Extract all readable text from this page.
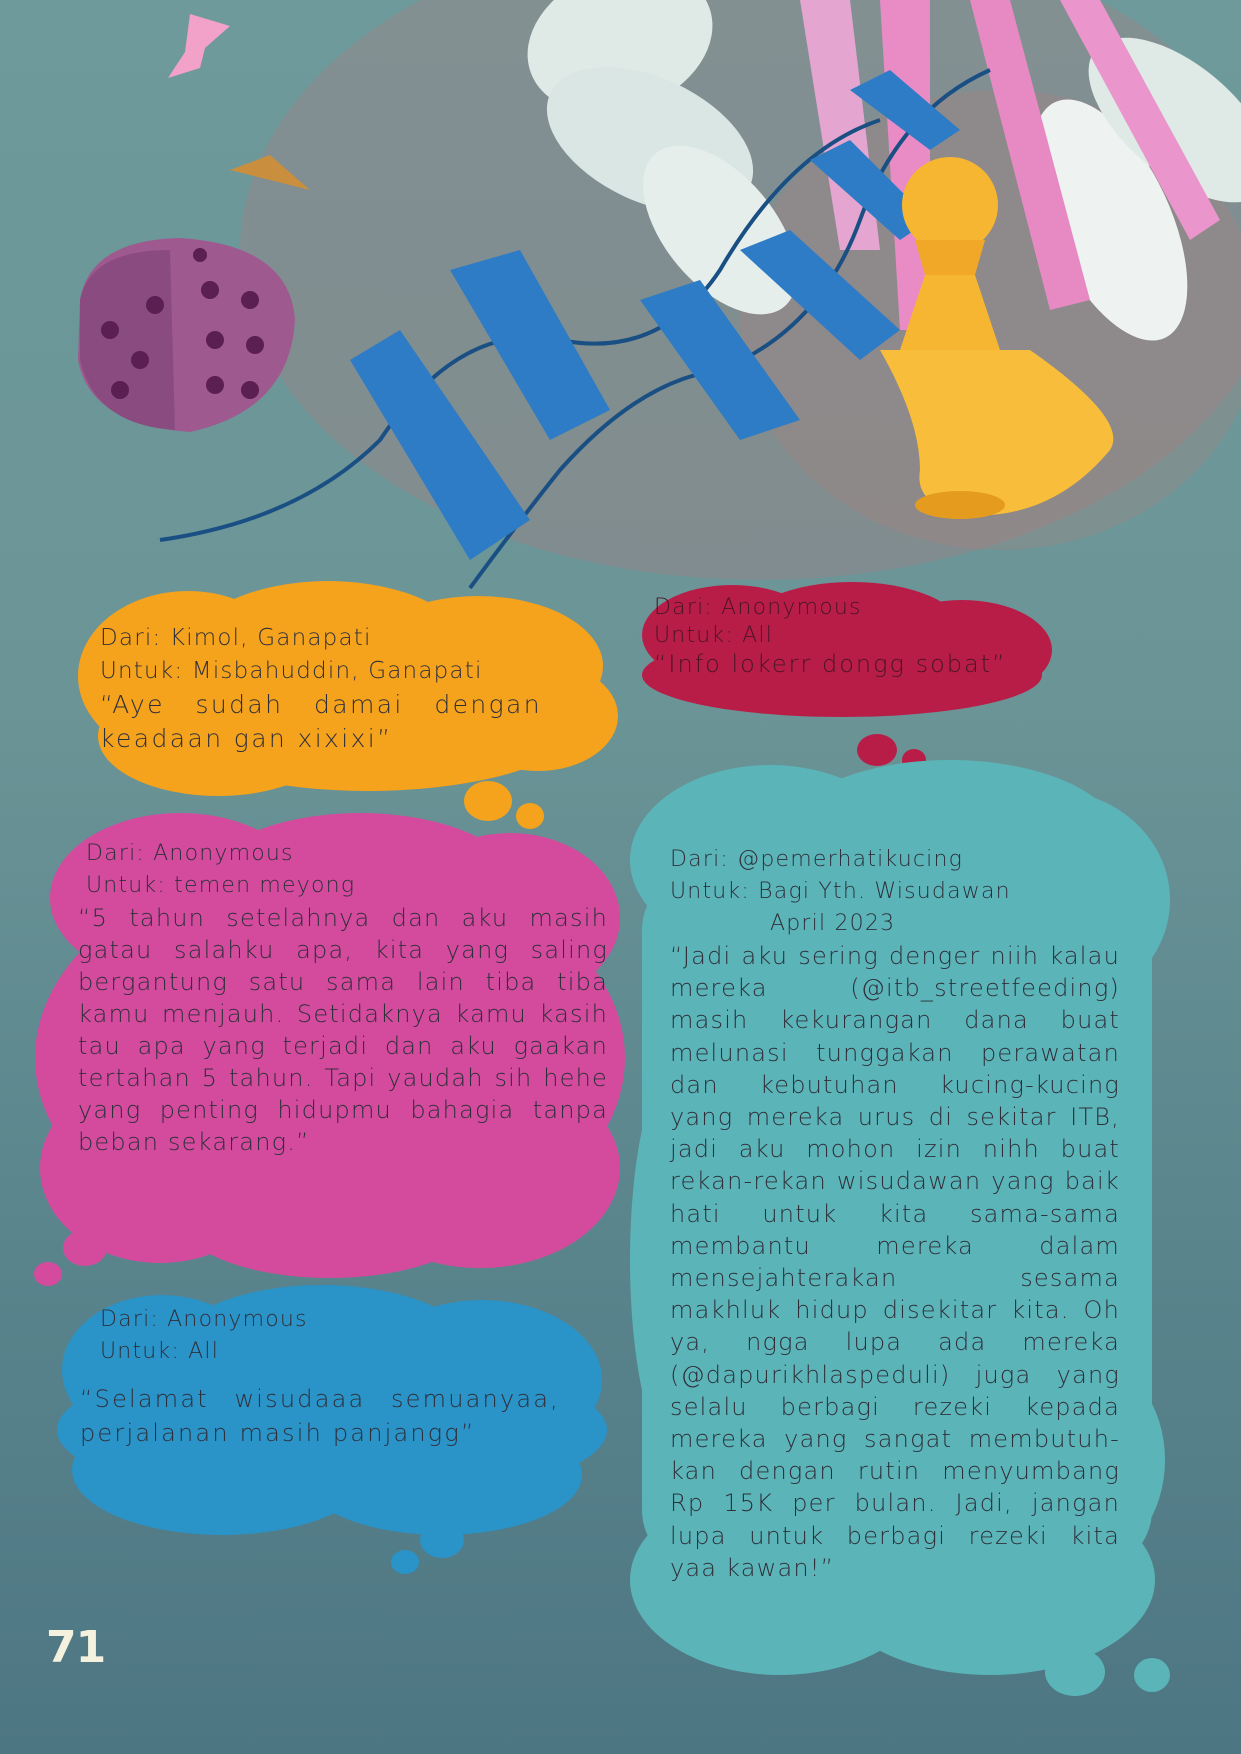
Dari: Kimol, Ganapati
Untuk: Misbahuddin, Ganapati
“Aye sudah damai dengan keadaan gan xixixi”
Dari: Anonymous
Untuk: All
“Info lokerr dongg sobat”
Dari: Anonymous
Untuk: temen meyong
“5 tahun setelahnya dan aku masih gatau salahku apa, kita yang saling bergantung satu sama lain tiba tiba kamu menjauh. Setidaknya kamu kasih tau apa yang terjadi dan aku gaakan tertahan 5 tahun. Tapi yaudah sih hehe yang penting hidupmu bahagia tanpa beban sekarang.”
Dari: @pemerhatikucing
Untuk: Bagi Yth. Wisudawan
April 2023
“Jadi aku sering denger niih kalau mereka (@itb_streetfeeding) masih kekurangan dana buat melunasi tunggakan perawatan dan kebutuhan kucing-kucing yang mereka urus di sekitar ITB, jadi aku mohon izin nihh buat rekan-rekan wisudawan yang baik hati untuk kita sama-sama membantu mereka dalam mensejahterakan sesama makhluk hidup disekitar kita. Oh ya, ngga lupa ada mereka (@dapurikhlaspeduli) juga yang selalu berbagi rezeki kepada mereka yang sangat membutuh-kan dengan rutin menyumbang Rp 15K per bulan. Jadi, jangan lupa untuk berbagi rezeki kita yaa kawan!”
Dari: Anonymous
Untuk: All
“Selamat wisudaaa semuanyaa, perjalanan masih panjangg”
71
